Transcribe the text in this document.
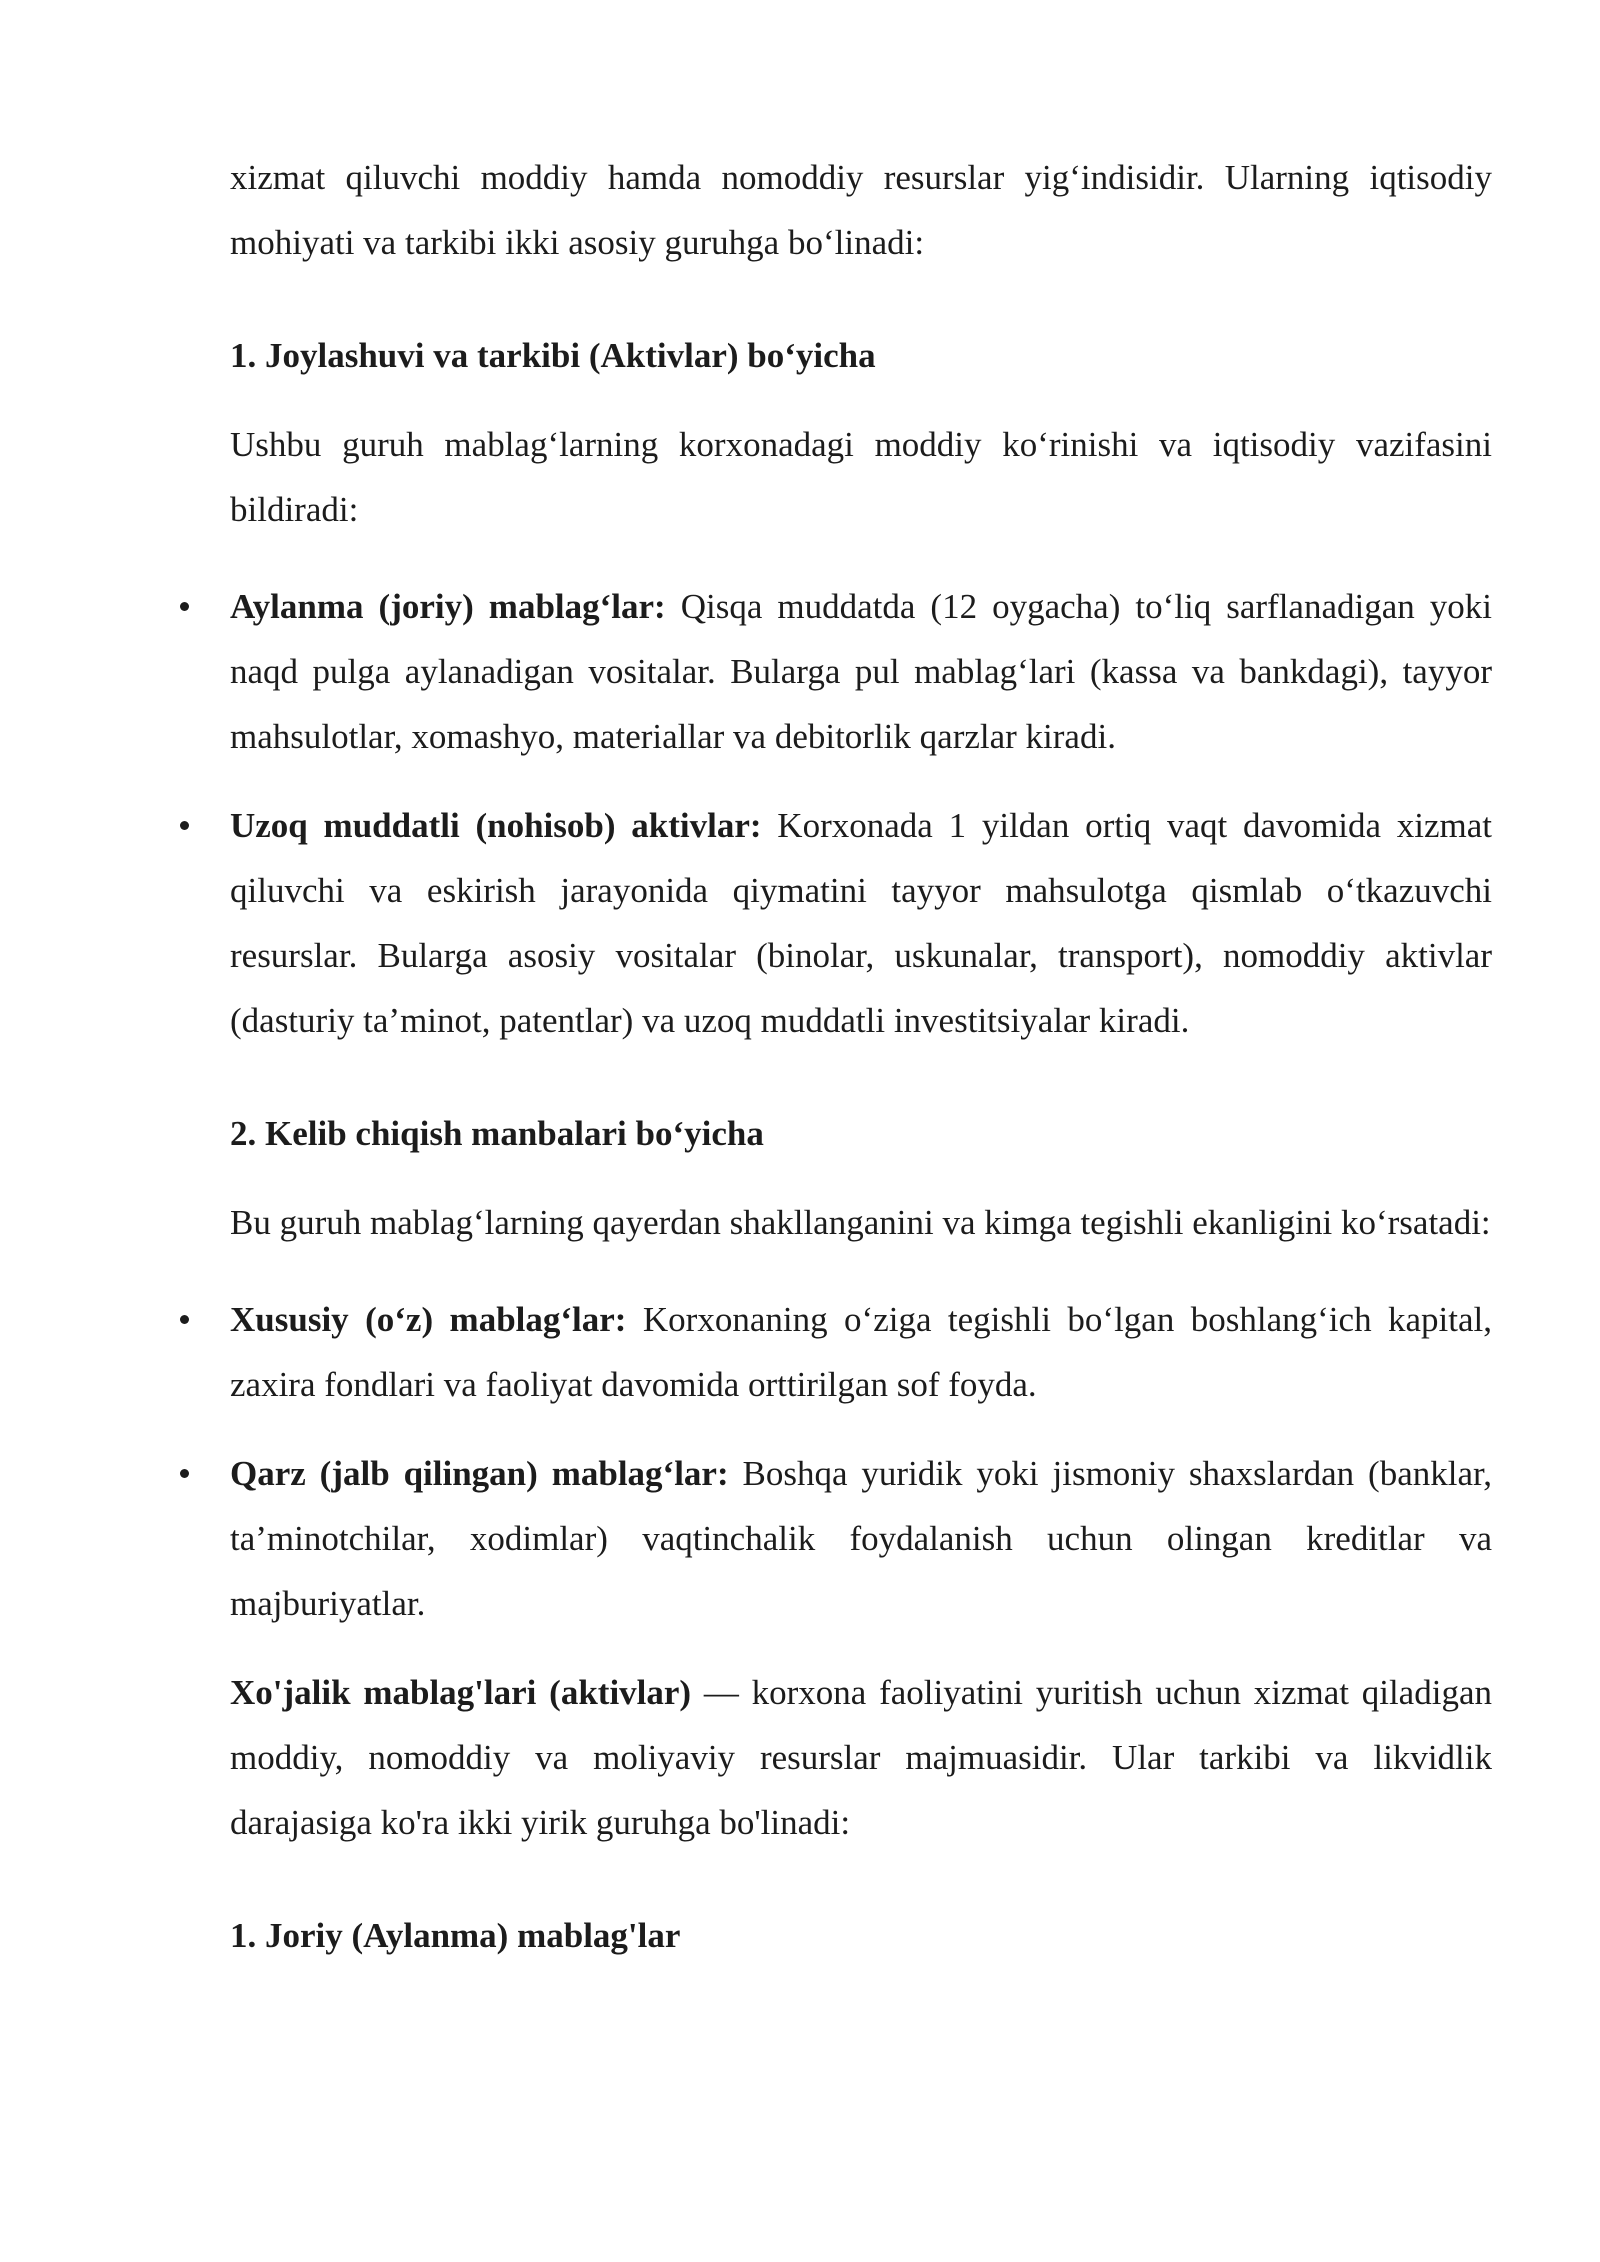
xizmat qiluvchi moddiy hamda nomoddiy resurslar yig‘indisidir. Ularning iqtisodiy mohiyati va tarkibi ikki asosiy guruhga bo‘linadi:

1. Joylashuvi va tarkibi (Aktivlar) bo‘yicha

Ushbu guruh mablag‘larning korxonadagi moddiy ko‘rinishi va iqtisodiy vazifasini bildiradi:

Aylanma (joriy) mablag‘lar: Qisqa muddatda (12 oygacha) to‘liq sarflanadigan yoki naqd pulga aylanadigan vositalar. Bularga pul mablag‘lari (kassa va bankdagi), tayyor mahsulotlar, xomashyo, materiallar va debitorlik qarzlar kiradi.

Uzoq muddatli (nohisob) aktivlar: Korxonada 1 yildan ortiq vaqt davomida xizmat qiluvchi va eskirish jarayonida qiymatini tayyor mahsulotga qismlab o‘tkazuvchi resurslar. Bularga asosiy vositalar (binolar, uskunalar, transport), nomoddiy aktivlar (dasturiy ta’minot, patentlar) va uzoq muddatli investitsiyalar kiradi.

2. Kelib chiqish manbalari bo‘yicha

Bu guruh mablag‘larning qayerdan shakllanganini va kimga tegishli ekanligini ko‘rsatadi:

Xususiy (o‘z) mablag‘lar: Korxonaning o‘ziga tegishli bo‘lgan boshlang‘ich kapital, zaxira fondlari va faoliyat davomida orttirilgan sof foyda.

Qarz (jalb qilingan) mablag‘lar: Boshqa yuridik yoki jismoniy shaxslardan (banklar, ta’minotchilar, xodimlar) vaqtinchalik foydalanish uchun olingan kreditlar va majburiyatlar.

Xo'jalik mablag'lari (aktivlar) — korxona faoliyatini yuritish uchun xizmat qiladigan moddiy, nomoddiy va moliyaviy resurslar majmuasidir. Ular tarkibi va likvidlik darajasiga ko'ra ikki yirik guruhga bo'linadi:

1. Joriy (Aylanma) mablag'lar
